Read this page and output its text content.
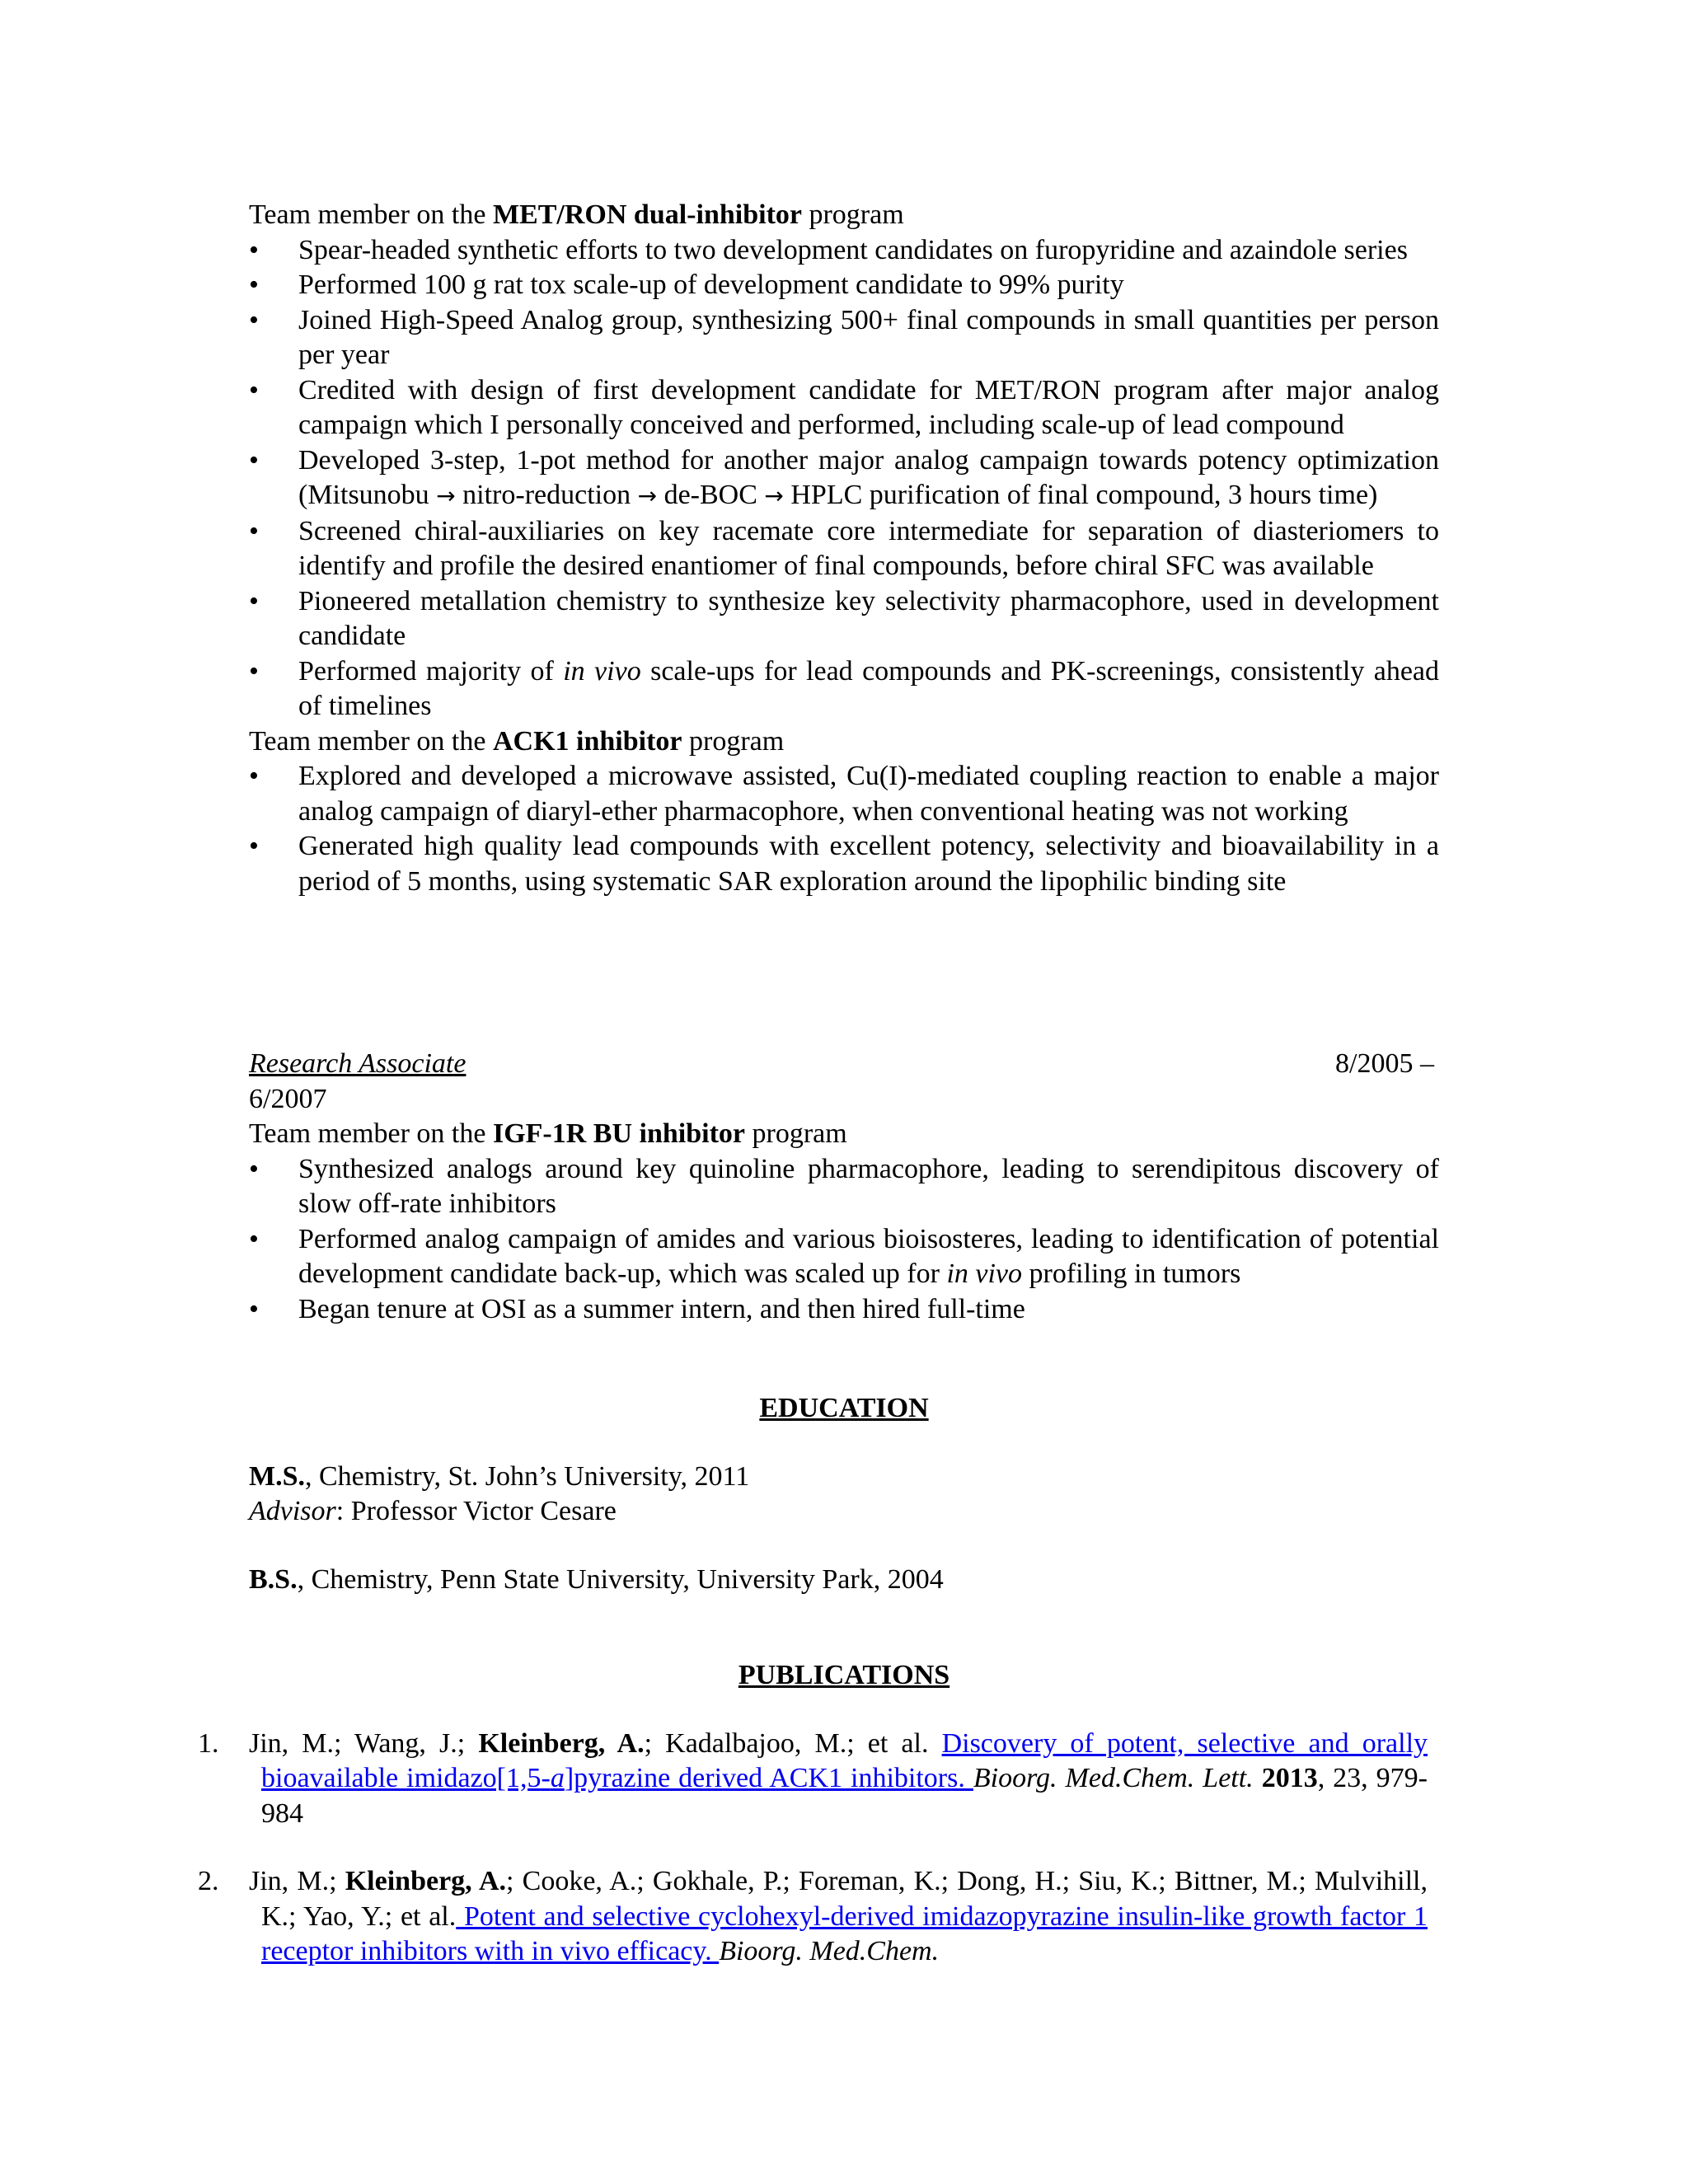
Team member on the MET/RON dual-inhibitor program

• Spear-headed synthetic efforts to two development candidates on furopyridine and azaindole series

• Performed 100 g rat tox scale-up of development candidate to 99% purity

• Joined High-Speed Analog group, synthesizing 500+ final compounds in small quantities per person per year

• Credited with design of first development candidate for MET/RON program after major analog campaign which I personally conceived and performed, including scale-up of lead compound

• Developed 3-step, 1-pot method for another major analog campaign towards potency optimization (Mitsunobu → nitro-reduction → de-BOC → HPLC purification of final compound, 3 hours time)

• Screened chiral-auxiliaries on key racemate core intermediate for separation of diasteriomers to identify and profile the desired enantiomer of final compounds, before chiral SFC was available

• Pioneered metallation chemistry to synthesize key selectivity pharmacophore, used in development candidate

• Performed majority of in vivo scale-ups for lead compounds and PK-screenings, consistently ahead of timelines

Team member on the ACK1 inhibitor program

• Explored and developed a microwave assisted, Cu(I)-mediated coupling reaction to enable a major analog campaign of diaryl-ether pharmacophore, when conventional heating was not working

• Generated high quality lead compounds with excellent potency, selectivity and bioavailability in a period of 5 months, using systematic SAR exploration around the lipophilic binding site

Research Associate	8/2005 –

6/2007

Team member on the IGF-1R BU inhibitor program

• Synthesized analogs around key quinoline pharmacophore, leading to serendipitous discovery of slow off-rate inhibitors

• Performed analog campaign of amides and various bioisosteres, leading to identification of potential development candidate back-up, which was scaled up for in vivo profiling in tumors

• Began tenure at OSI as a summer intern, and then hired full-time

EDUCATION

M.S., Chemistry, St. John’s University, 2011

Advisor: Professor Victor Cesare

B.S., Chemistry, Penn State University, University Park, 2004

PUBLICATIONS

1. Jin, M.; Wang, J.; Kleinberg, A.; Kadalbajoo, M.; et al. Discovery of potent, selective and orally bioavailable imidazo[1,5-a]pyrazine derived ACK1 inhibitors. Bioorg. Med.Chem. Lett. 2013, 23, 979-984

2. Jin, M.; Kleinberg, A.; Cooke, A.; Gokhale, P.; Foreman, K.; Dong, H.; Siu, K.; Bittner, M.; Mulvihill, K.; Yao, Y.; et al. Potent and selective cyclohexyl-derived imidazopyrazine insulin-like growth factor 1 receptor inhibitors with in vivo efficacy. Bioorg. Med.Chem.
